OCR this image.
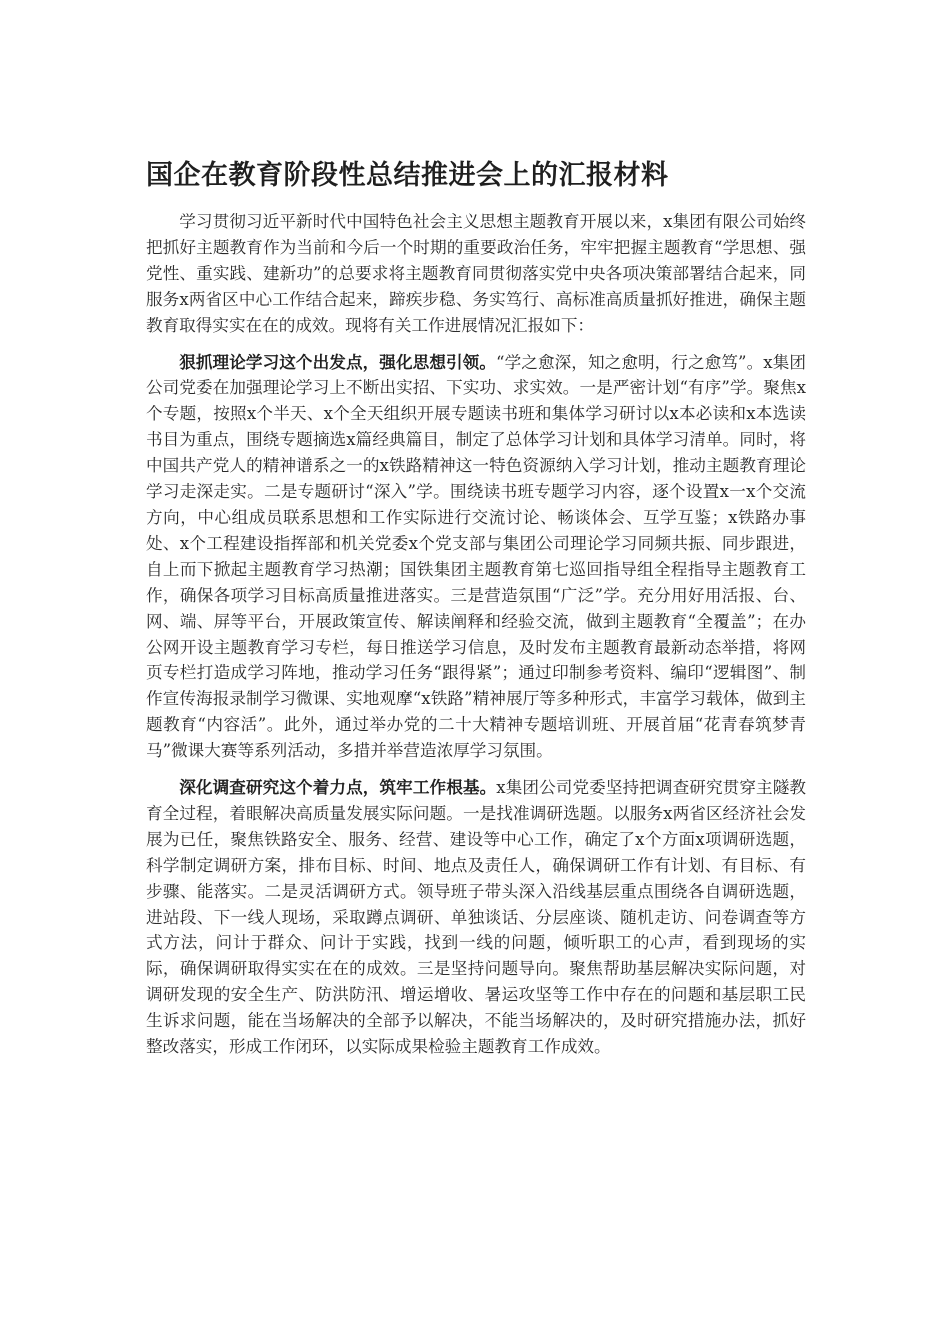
国企在教育阶段性总结推进会上的汇报材料

学习贯彻习近平新时代中国特色社会主义思想主题教育开展以来，x集团有限公司始终把抓好主题教育作为当前和今后一个时期的重要政治任务，牢牢把握主题教育“学思想、强党性、重实践、建新功”的总要求将主题教育同贯彻落实党中央各项决策部署结合起来，同服务x两省区中心工作结合起来，蹄疾步稳、务实笃行、高标准高质量抓好推进，确保主题教育取得实实在在的成效。现将有关工作进展情况汇报如下：

狠抓理论学习这个出发点，强化思想引领。“学之愈深，知之愈明，行之愈笃”。x集团公司党委在加强理论学习上不断出实招、下实功、求实效。一是严密计划“有序”学。聚焦x个专题，按照x个半天、x个全天组织开展专题读书班和集体学习研讨以x本必读和x本选读书目为重点，围绕专题摘选x篇经典篇目，制定了总体学习计划和具体学习清单。同时，将中国共产党人的精神谱系之一的x铁路精神这一特色资源纳入学习计划，推动主题教育理论学习走深走实。二是专题研讨“深入”学。围绕读书班专题学习内容，逐个设置x一x个交流方向，中心组成员联系思想和工作实际进行交流讨论、畅谈体会、互学互鉴；x铁路办事处、x个工程建设指挥部和机关党委x个党支部与集团公司理论学习同频共振、同步跟进，自上而下掀起主题教育学习热潮；国铁集团主题教育第七巡回指导组全程指导主题教育工作，确保各项学习目标高质量推进落实。三是营造氛围“广泛”学。充分用好用活报、台、网、端、屏等平台，开展政策宣传、解读阐释和经验交流，做到主题教育“全覆盖”；在办公网开设主题教育学习专栏，每日推送学习信息，及时发布主题教育最新动态举措，将网页专栏打造成学习阵地，推动学习任务“跟得紧”；通过印制参考资料、编印“逻辑图”、制作宣传海报录制学习微课、实地观摩“x铁路”精神展厅等多种形式，丰富学习载体，做到主题教育“内容活”。此外，通过举办党的二十大精神专题培训班、开展首届“花青春筑梦青马”微课大赛等系列活动，多措并举营造浓厚学习氛围。

深化调查研究这个着力点，筑牢工作根基。x集团公司党委坚持把调查研究贯穿主隧教育全过程，着眼解决高质量发展实际问题。一是找准调研选题。以服务x两省区经济社会发展为已任，聚焦铁路安全、服务、经营、建设等中心工作，确定了x个方面x项调研选题，科学制定调研方案，排布目标、时间、地点及责任人，确保调研工作有计划、有目标、有步骤、能落实。二是灵活调研方式。领导班子带头深入沿线基层重点围绕各自调研选题，进站段、下一线人现场，采取蹲点调研、单独谈话、分层座谈、随机走访、问卷调查等方式方法，问计于群众、问计于实践，找到一线的问题，倾听职工的心声，看到现场的实际，确保调研取得实实在在的成效。三是坚持问题导向。聚焦帮助基层解决实际问题，对调研发现的安全生产、防洪防汛、增运增收、暑运攻坚等工作中存在的问题和基层职工民生诉求问题，能在当场解决的全部予以解决，不能当场解决的，及时研究措施办法，抓好整改落实，形成工作闭环，以实际成果检验主题教育工作成效。
